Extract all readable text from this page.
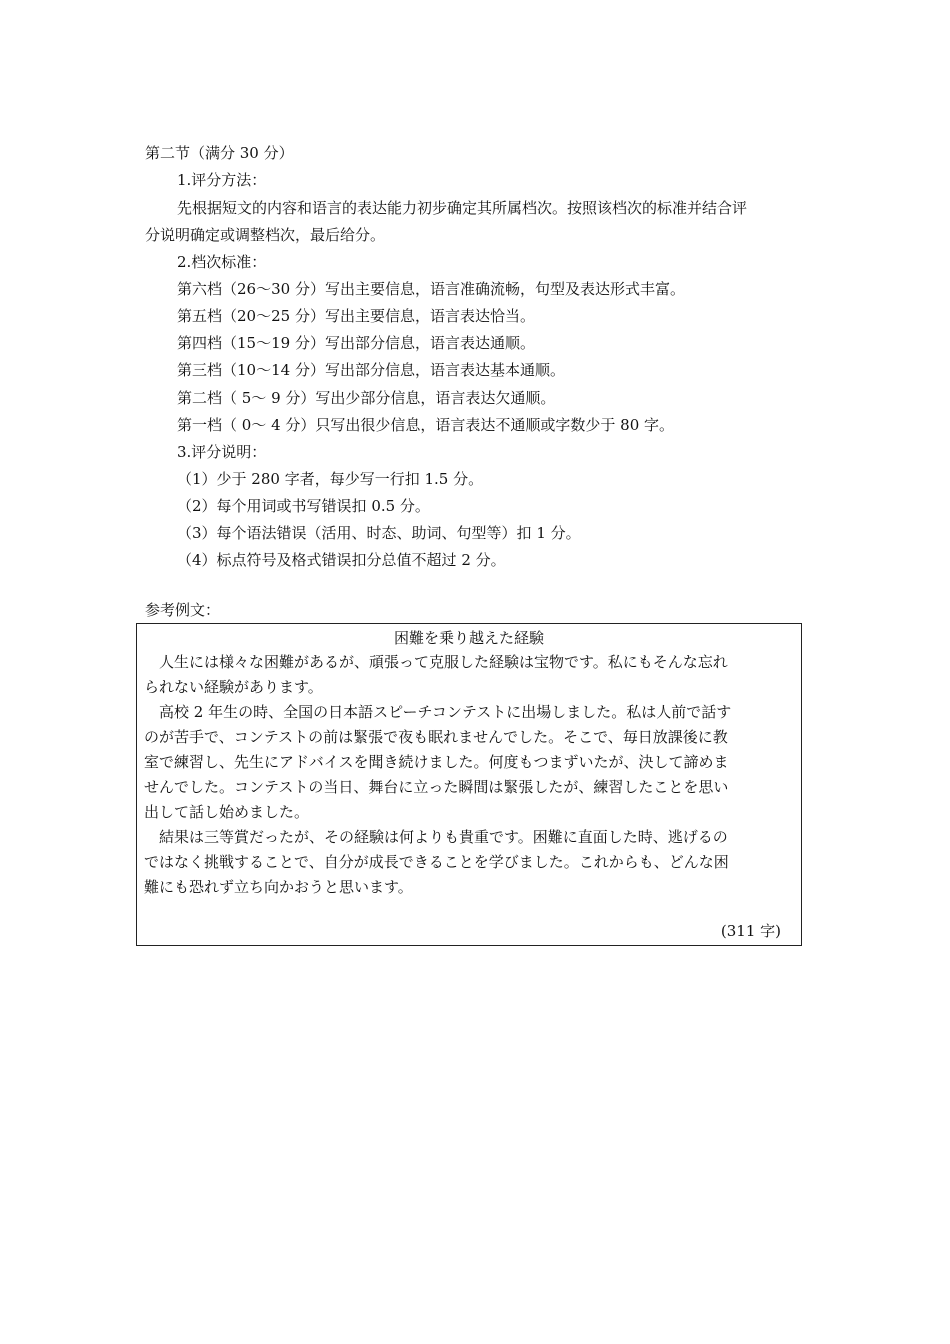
第二节（满分 30 分）
1.评分方法：
先根据短文的内容和语言的表达能力初步确定其所属档次。按照该档次的标准并结合评
分说明确定或调整档次，最后给分。
2.档次标准：
第六档（26～30 分）写出主要信息，语言准确流畅，句型及表达形式丰富。
第五档（20～25 分）写出主要信息，语言表达恰当。
第四档（15～19 分）写出部分信息，语言表达通顺。
第三档（10～14 分）写出部分信息，语言表达基本通顺。
第二档（ 5～ 9 分）写出少部分信息，语言表达欠通顺。
第一档（ 0～ 4 分）只写出很少信息，语言表达不通顺或字数少于 80 字。
3.评分说明：
（1）少于 280 字者，每少写一行扣 1.5 分。
（2）每个用词或书写错误扣 0.5 分。
（3）每个语法错误（活用、时态、助词、句型等）扣 1 分。
（4）标点符号及格式错误扣分总值不超过 2 分。
参考例文：
困難を乗り越えた経験
　人生には様々な困難があるが、頑張って克服した経験は宝物です。私にもそんな忘れ
られない経験があります。
　高校 2 年生の時、全国の日本語スピーチコンテストに出場しました。私は人前で話す
のが苦手で、コンテストの前は緊張で夜も眠れませんでした。そこで、毎日放課後に教
室で練習し、先生にアドバイスを聞き続けました。何度もつまずいたが、決して諦めま
せんでした。コンテストの当日、舞台に立った瞬間は緊張したが、練習したことを思い
出して話し始めました。
　結果は三等賞だったが、その経験は何よりも貴重です。困難に直面した時、逃げるの
ではなく挑戦することで、自分が成長できることを学びました。これからも、どんな困
難にも恐れず立ち向かおうと思います。
(311 字)
